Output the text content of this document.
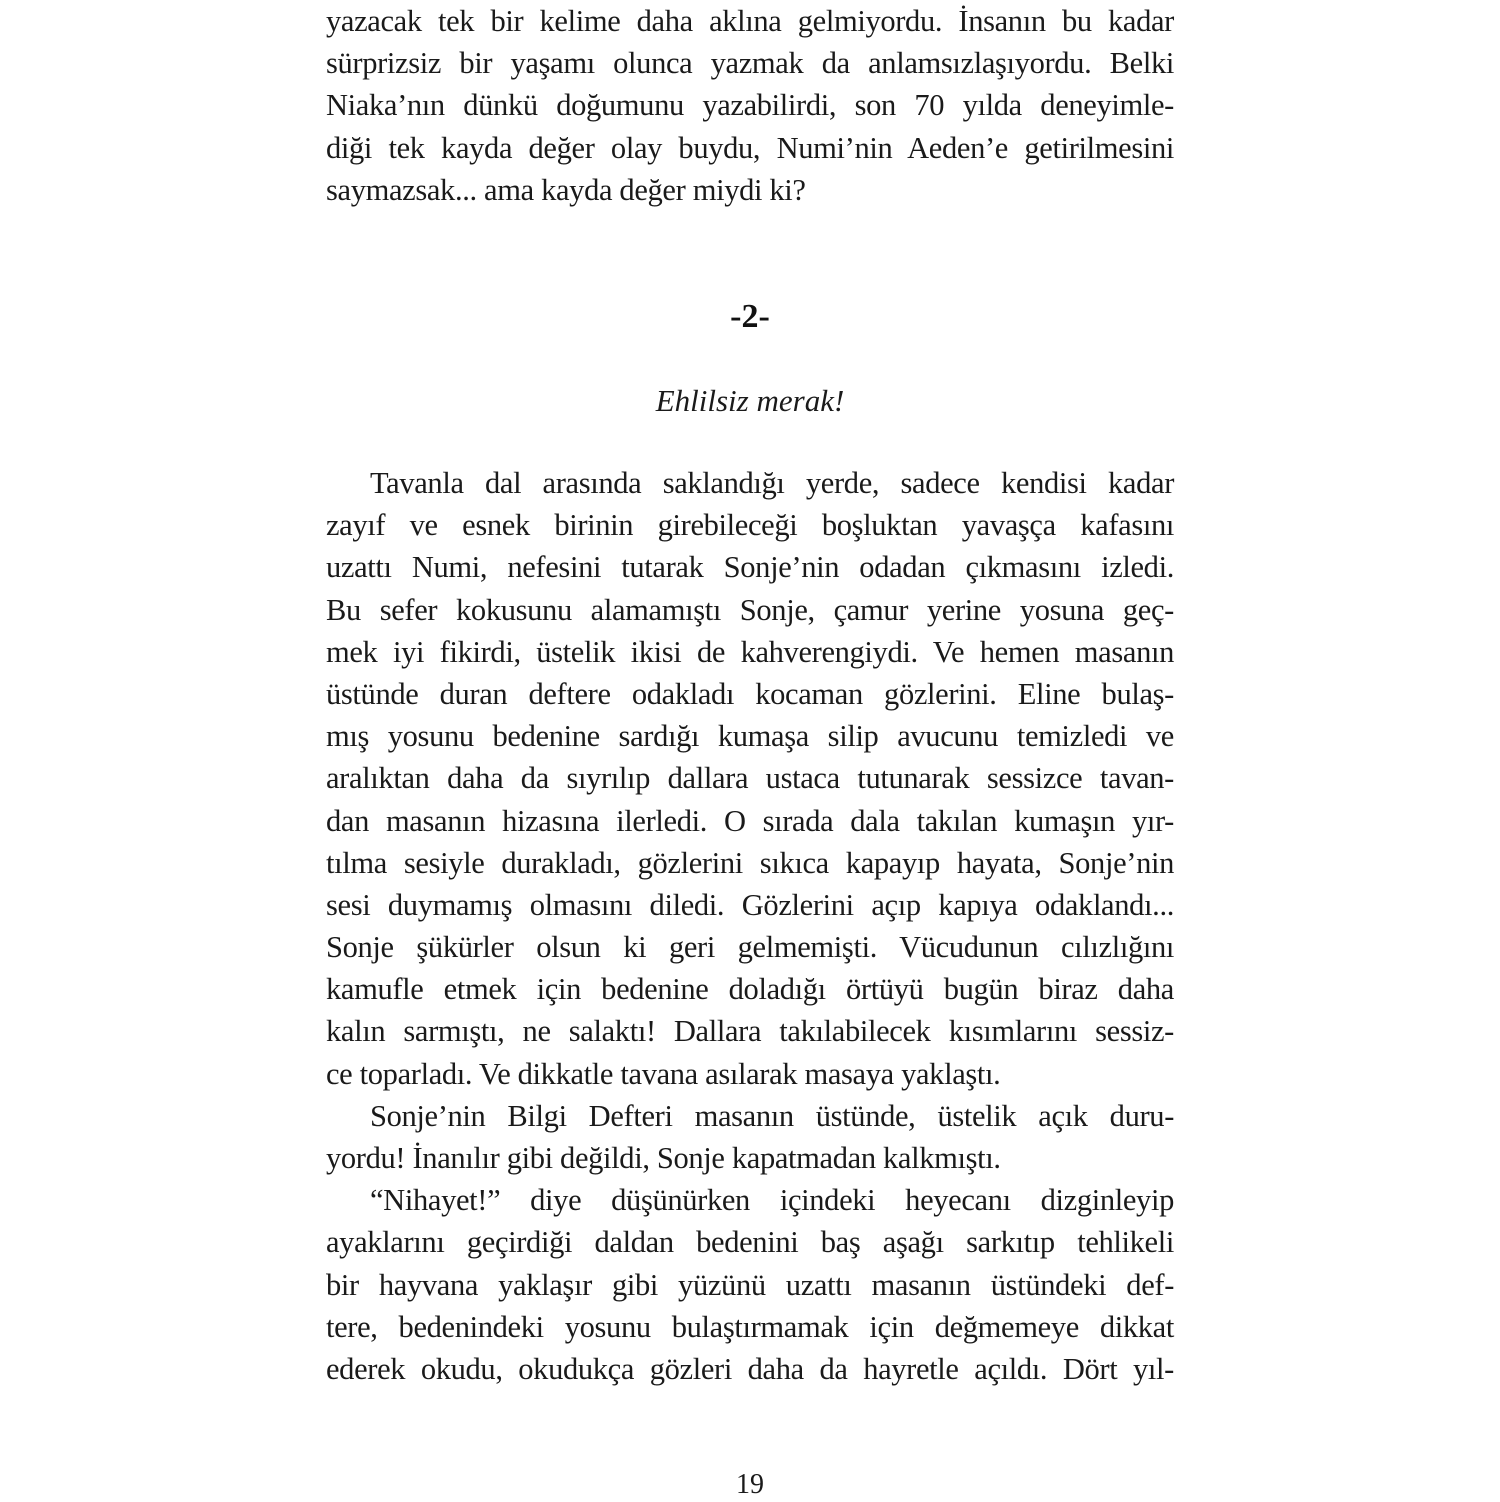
yazacak tek bir kelime daha aklına gelmiyordu. İnsanın bu kadar
sürprizsiz bir yaşamı olunca yazmak da anlamsızlaşıyordu. Belki
Niaka’nın dünkü doğumunu yazabilirdi, son 70 yılda deneyimle-
diği tek kayda değer olay buydu, Numi’nin Aeden’e getirilmesini
saymazsak... ama kayda değer miydi ki?
-2-
Ehlilsiz merak!
Tavanla dal arasında saklandığı yerde, sadece kendisi kadar
zayıf ve esnek birinin girebileceği boşluktan yavaşça kafasını
uzattı Numi, nefesini tutarak Sonje’nin odadan çıkmasını izledi.
Bu sefer kokusunu alamamıştı Sonje, çamur yerine yosuna geç-
mek iyi fikirdi, üstelik ikisi de kahverengiydi. Ve hemen masanın
üstünde duran deftere odakladı kocaman gözlerini. Eline bulaş-
mış yosunu bedenine sardığı kumaşa silip avucunu temizledi ve
aralıktan daha da sıyrılıp dallara ustaca tutunarak sessizce tavan-
dan masanın hizasına ilerledi. O sırada dala takılan kumaşın yır-
tılma sesiyle durakladı, gözlerini sıkıca kapayıp hayata, Sonje’nin
sesi duymamış olmasını diledi. Gözlerini açıp kapıya odaklandı...
Sonje şükürler olsun ki geri gelmemişti. Vücudunun cılızlığını
kamufle etmek için bedenine doladığı örtüyü bugün biraz daha
kalın sarmıştı, ne salaktı! Dallara takılabilecek kısımlarını sessiz-
ce toparladı. Ve dikkatle tavana asılarak masaya yaklaştı.
Sonje’nin Bilgi Defteri masanın üstünde, üstelik açık duru-
yordu! İnanılır gibi değildi, Sonje kapatmadan kalkmıştı.
“Nihayet!” diye düşünürken içindeki heyecanı dizginleyip
ayaklarını geçirdiği daldan bedenini baş aşağı sarkıtıp tehlikeli
bir hayvana yaklaşır gibi yüzünü uzattı masanın üstündeki def-
tere, bedenindeki yosunu bulaştırmamak için değmemeye dikkat
ederek okudu, okudukça gözleri daha da hayretle açıldı. Dört yıl-
19
